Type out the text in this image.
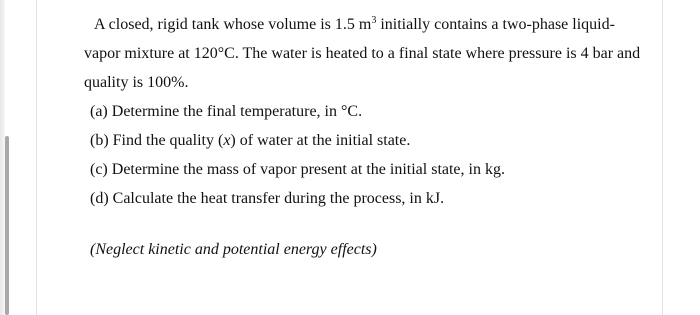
A closed, rigid tank whose volume is 1.5 $m^3$ initially contains a two-phase liquid-vapor mixture at 120°C. The water is heated to a final state where pressure is 4 bar and quality is 100%.

(a) Determine the final temperature, in °C.

(b) Find the quality (x) of water at the initial state.

(c) Determine the mass of vapor present at the initial state, in kg.

(d) Calculate the heat transfer during the process, in kJ.

(Neglect kinetic and potential energy effects)
